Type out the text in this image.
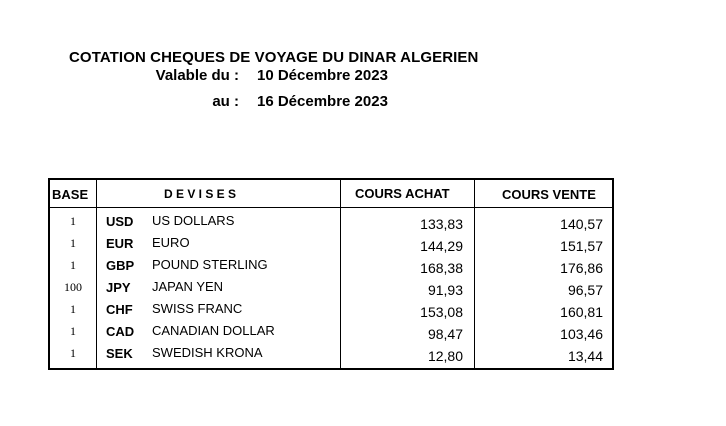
COTATION CHEQUES DE VOYAGE DU DINAR ALGERIEN
Valable du : 10 Décembre 2023
au : 16 Décembre 2023
BASE	D E V I S E S	COURS ACHAT	COURS VENTE
1	USD US DOLLARS	133,83	140,57
1	EUR EURO	144,29	151,57
1	GBP POUND STERLING	168,38	176,86
100	JPY JAPAN YEN	91,93	96,57
1	CHF SWISS FRANC	153,08	160,81
1	CAD CANADIAN DOLLAR	98,47	103,46
1	SEK SWEDISH KRONA	12,80	13,44
